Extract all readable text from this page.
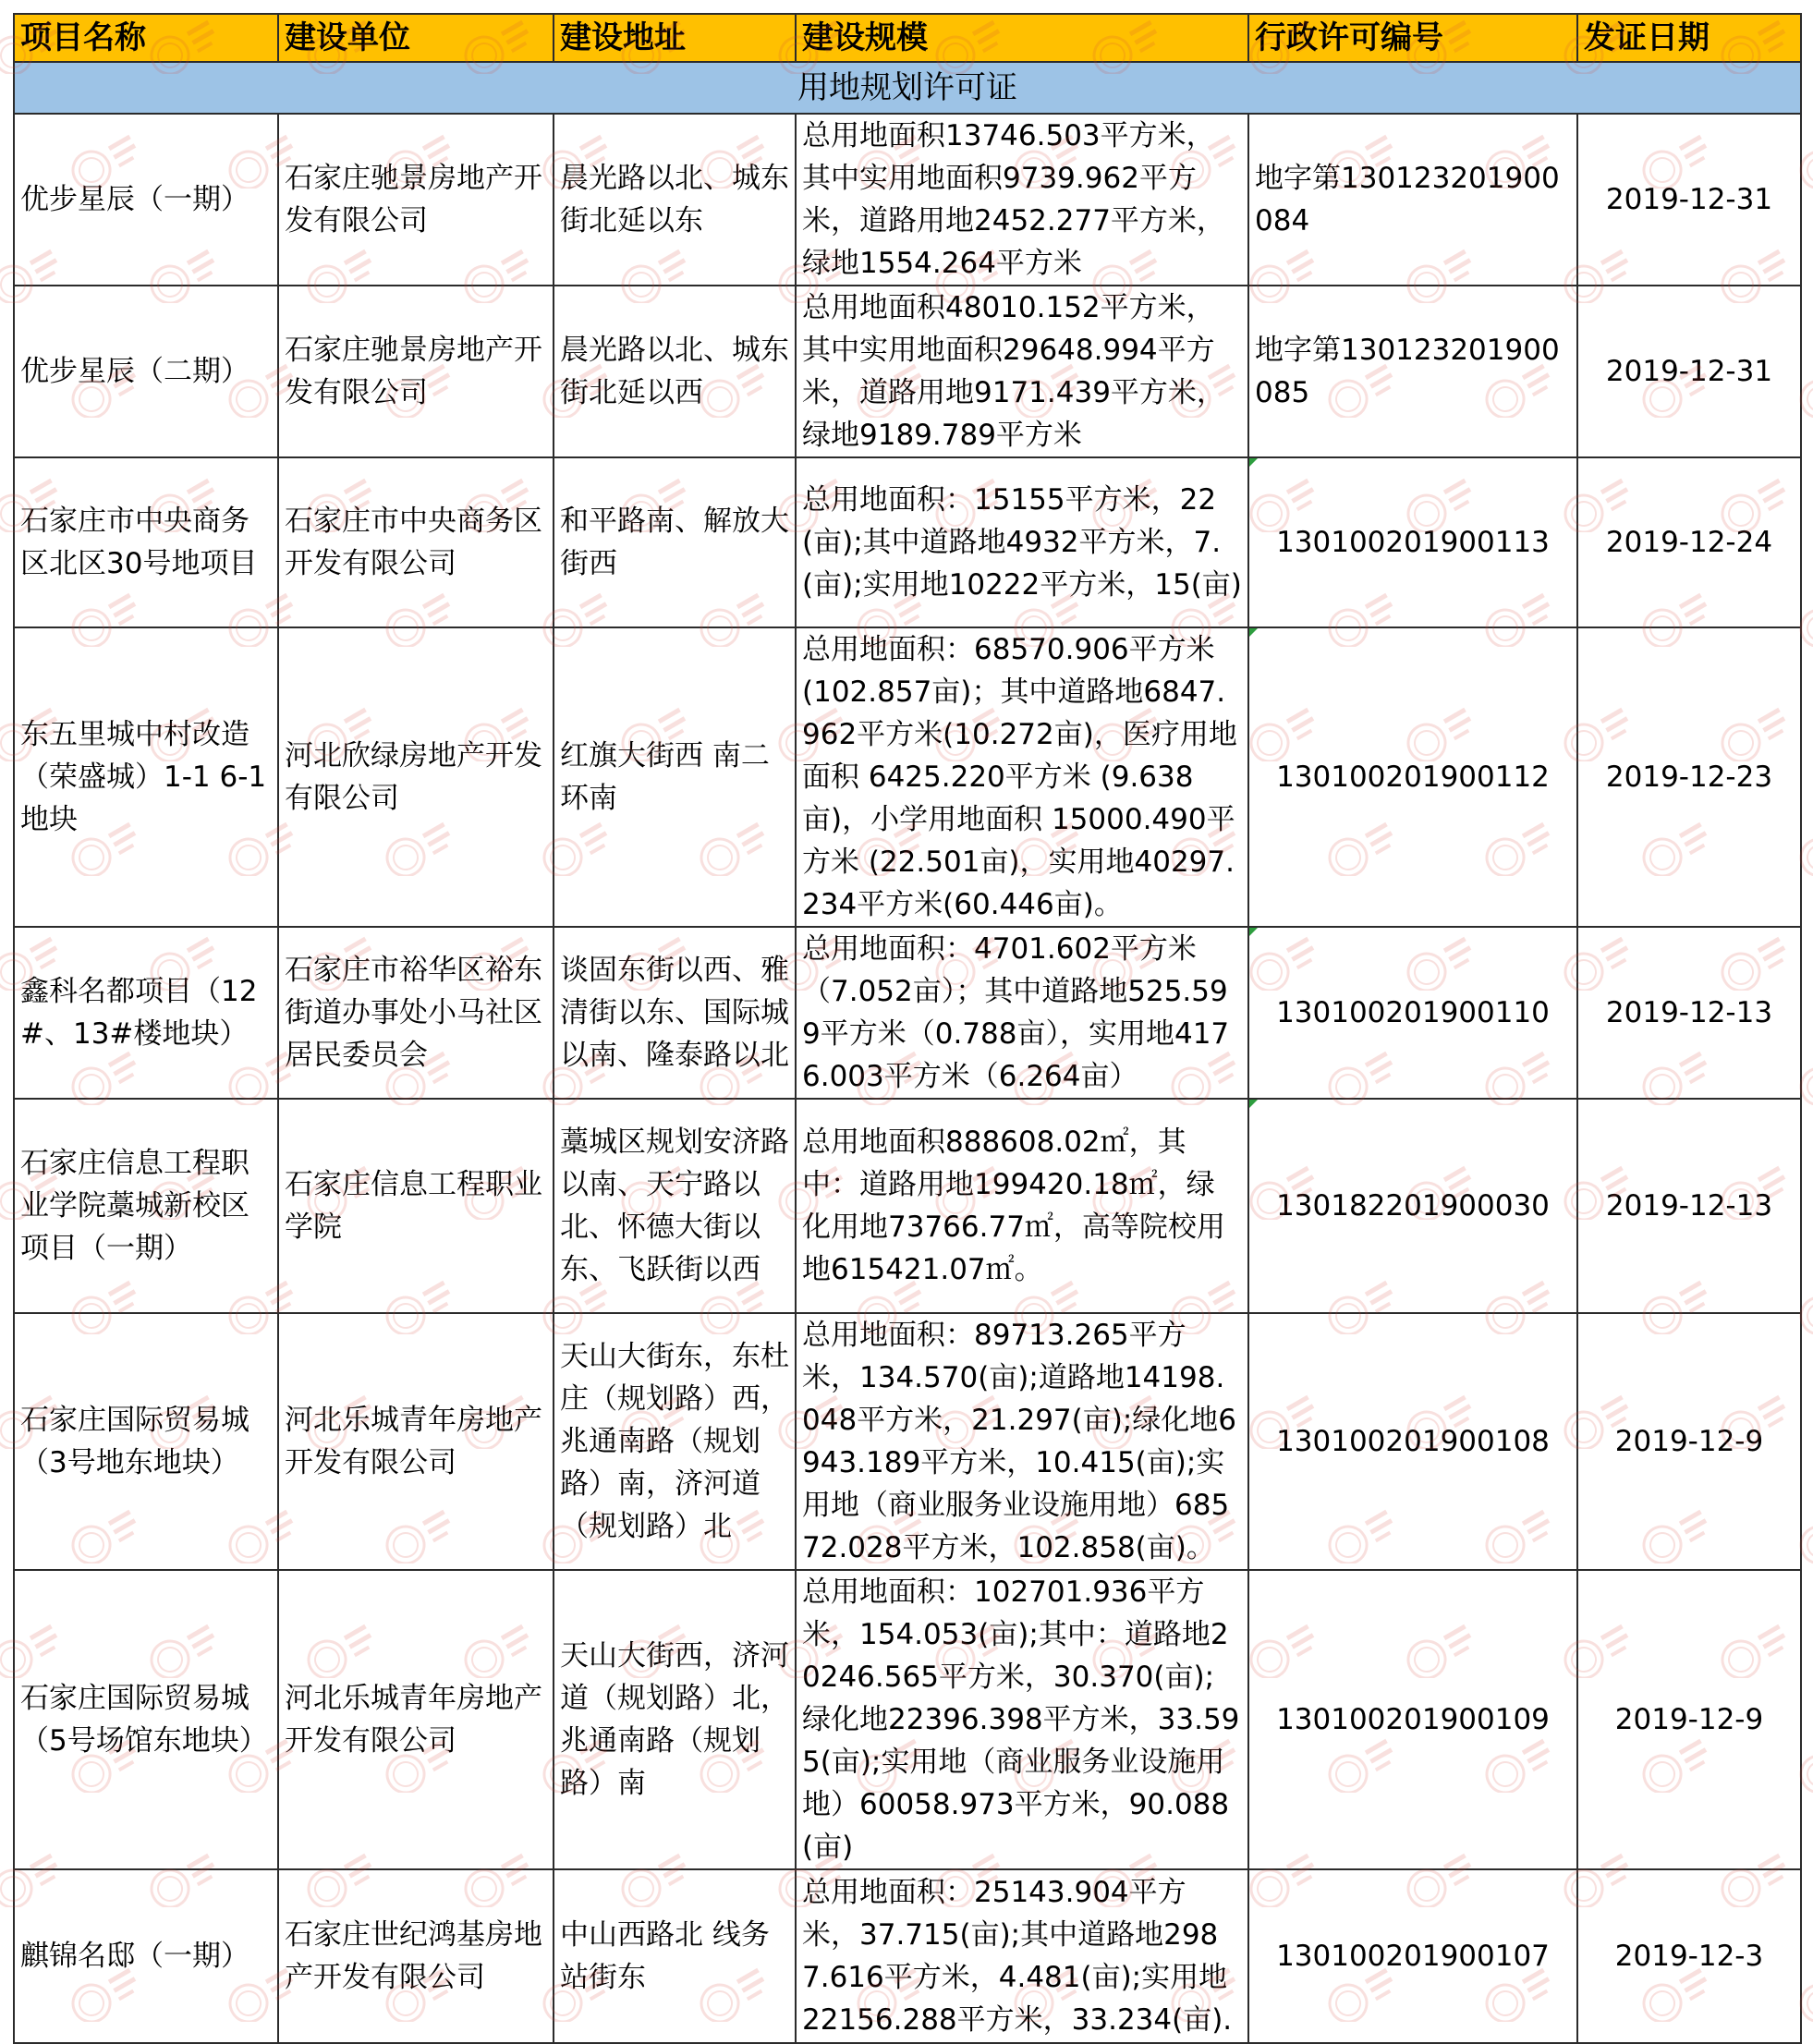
项目名称	建设单位	建设地址	建设规模	行政许可编号	发证日期
用地规划许可证					
优步星辰（一期）	石家庄驰景房地产开发有限公司	晨光路以北、城东街北延以东	总用地面积13746.503平方米，其中实用地面积9739.962平方米，道路用地2452.277平方米，绿地1554.264平方米	地字第130123201900084	2019-12-31
优步星辰（二期）	石家庄驰景房地产开发有限公司	晨光路以北、城东街北延以西	总用地面积48010.152平方米，其中实用地面积29648.994平方米，道路用地9171.439平方米，绿地9189.789平方米	地字第130123201900085	2019-12-31
石家庄市中央商务区北区30号地项目	石家庄市中央商务区开发有限公司	和平路南、解放大街西	总用地面积：15155平方米，22(亩);其中道路地4932平方米，7.(亩);实用地10222平方米，15(亩)	130100201900113	2019-12-24
东五里城中村改造（荣盛城）1-1 6-1地块	河北欣绿房地产开发有限公司	红旗大街西 南二环南	总用地面积：68570.906平方米(102.857亩)；其中道路地6847.962平方米(10.272亩)，医疗用地面积 6425.220平方米 (9.638亩)，小学用地面积 15000.490平方米 (22.501亩)，实用地40297.234平方米(60.446亩)。	130100201900112	2019-12-23
鑫科名都项目（12#、13#楼地块）	石家庄市裕华区裕东街道办事处小马社区居民委员会	谈固东街以西、雅清街以东、国际城以南、隆泰路以北	总用地面积：4701.602平方米（7.052亩）；其中道路地525.599平方米（0.788亩），实用地4176.003平方米（6.264亩）	130100201900110	2019-12-13
石家庄信息工程职业学院藁城新校区项目（一期）	石家庄信息工程职业学院	藁城区规划安济路以南、天宁路以北、怀德大街以东、飞跃街以西	总用地面积888608.02㎡，其中：道路用地199420.18㎡，绿化用地73766.77㎡，高等院校用地615421.07㎡。	130182201900030	2019-12-13
石家庄国际贸易城（3号地东地块）	河北乐城青年房地产开发有限公司	天山大街东，东杜庄（规划路）西，兆通南路（规划路）南，济河道（规划路）北	总用地面积：89713.265平方米，134.570(亩);道路地14198.048平方米，21.297(亩);绿化地6943.189平方米，10.415(亩);实用地（商业服务业设施用地）68572.028平方米，102.858(亩)。	130100201900108	2019-12-9
石家庄国际贸易城（5号场馆东地块）	河北乐城青年房地产开发有限公司	天山大街西，济河道（规划路）北，兆通南路（规划路）南	总用地面积：102701.936平方米，154.053(亩);其中：道路地20246.565平方米，30.370(亩);绿化地22396.398平方米，33.595(亩);实用地（商业服务业设施用地）60058.973平方米，90.088(亩)	130100201900109	2019-12-9
麒锦名邸（一期）	石家庄世纪鸿基房地产开发有限公司	中山西路北 线务站街东	总用地面积：25143.904平方米，37.715(亩);其中道路地2987.616平方米，4.481(亩);实用地22156.288平方米，33.234(亩).	130100201900107	2019-12-3
